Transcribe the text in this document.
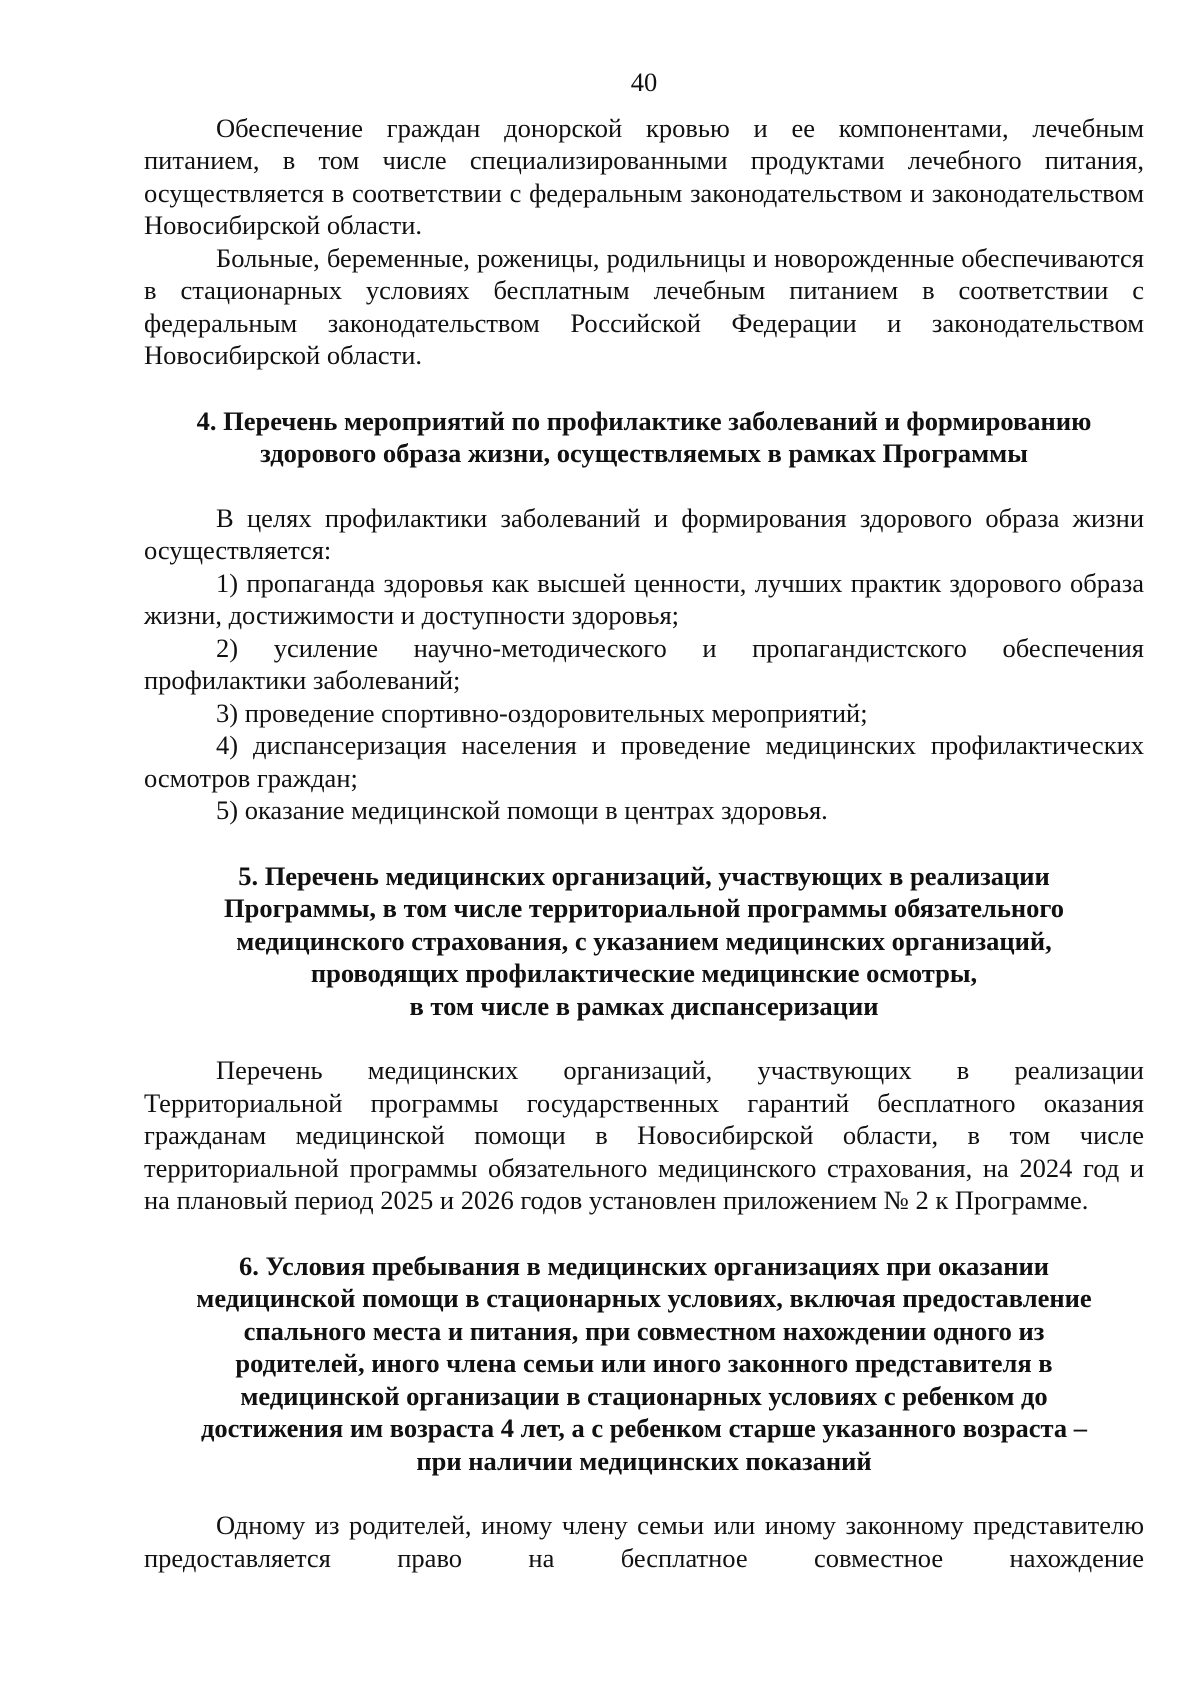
40

Обеспечение граждан донорской кровью и ее компонентами, лечебным питанием, в том числе специализированными продуктами лечебного питания, осуществляется в соответствии с федеральным законодательством и законодательством Новосибирской области.

Больные, беременные, роженицы, родильницы и новорожденные обеспечиваются в стационарных условиях бесплатным лечебным питанием в соответствии с федеральным законодательством Российской Федерации и законодательством Новосибирской области.

4. Перечень мероприятий по профилактике заболеваний и формированию
здорового образа жизни, осуществляемых в рамках Программы

В целях профилактики заболеваний и формирования здорового образа жизни осуществляется:

1) пропаганда здоровья как высшей ценности, лучших практик здорового образа жизни, достижимости и доступности здоровья;

2) усиление научно-методического и пропагандистского обеспечения профилактики заболеваний;

3) проведение спортивно-оздоровительных мероприятий;

4) диспансеризация населения и проведение медицинских профилактических осмотров граждан;

5) оказание медицинской помощи в центрах здоровья.

5. Перечень медицинских организаций, участвующих в реализации
Программы, в том числе территориальной программы обязательного
медицинского страхования, с указанием медицинских организаций,
проводящих профилактические медицинские осмотры,
в том числе в рамках диспансеризации

Перечень медицинских организаций, участвующих в реализации Территориальной программы государственных гарантий бесплатного оказания гражданам медицинской помощи в Новосибирской области, в том числе территориальной программы обязательного медицинского страхования, на 2024 год и на плановый период 2025 и 2026 годов установлен приложением № 2 к Программе.

6. Условия пребывания в медицинских организациях при оказании
медицинской помощи в стационарных условиях, включая предоставление
спального места и питания, при совместном нахождении одного из
родителей, иного члена семьи или иного законного представителя в
медицинской организации в стационарных условиях с ребенком до
достижения им возраста 4 лет, а с ребенком старше указанного возраста –
при наличии медицинских показаний

Одному из родителей, иному члену семьи или иному законному представителю предоставляется право на бесплатное совместное нахождение
